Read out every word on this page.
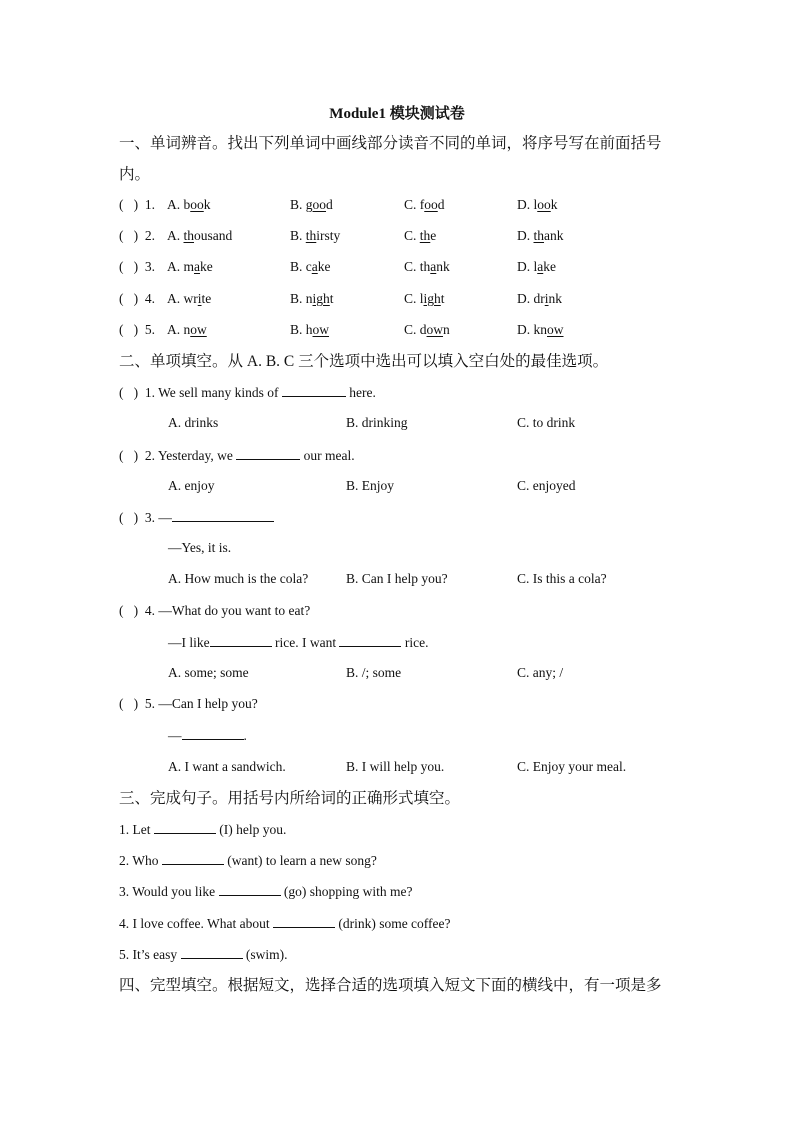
Module1 模块测试卷
一、单词辨音。找出下列单词中画线部分读音不同的单词，将序号写在前面括号
内。
( ) 1. A. book	B. good	C. food	D. look
( ) 2. A. thousand	B. thirsty	C. the	D. thank
( ) 3. A. make	B. cake	C. thank	D. lake
( ) 4. A. write	B. night	C. light	D. drink
( ) 5. A. now	B. how	C. down	D. know
二、单项填空。从 A. B. C 三个选项中选出可以填入空白处的最佳选项。
( ) 1. We sell many kinds of	here.
A. drinks	B. drinking	C. to drink
( ) 2. Yesterday, we	our meal.
A. enjoy	B. Enjoy	C. enjoyed
( ) 3. —
—Yes, it is.
A. How much is the cola?	B. Can I help you?	C. Is this a cola?
( ) 4. —What do you want to eat?
—I like	rice. I want	rice.
A. some; some	B. /; some	C. any; /
( ) 5. —Can I help you?
—	.
A. I want a sandwich.	B. I will help you.	C. Enjoy your meal.
三、完成句子。用括号内所给词的正确形式填空。
1. Let	(I) help you.
2. Who	(want) to learn a new song?
3. Would you like	(go) shopping with me?
4. I love coffee. What about	(drink) some coffee?
5. It’s easy	(swim).
四、完型填空。根据短文，选择合适的选项填入短文下面的横线中，有一项是多
